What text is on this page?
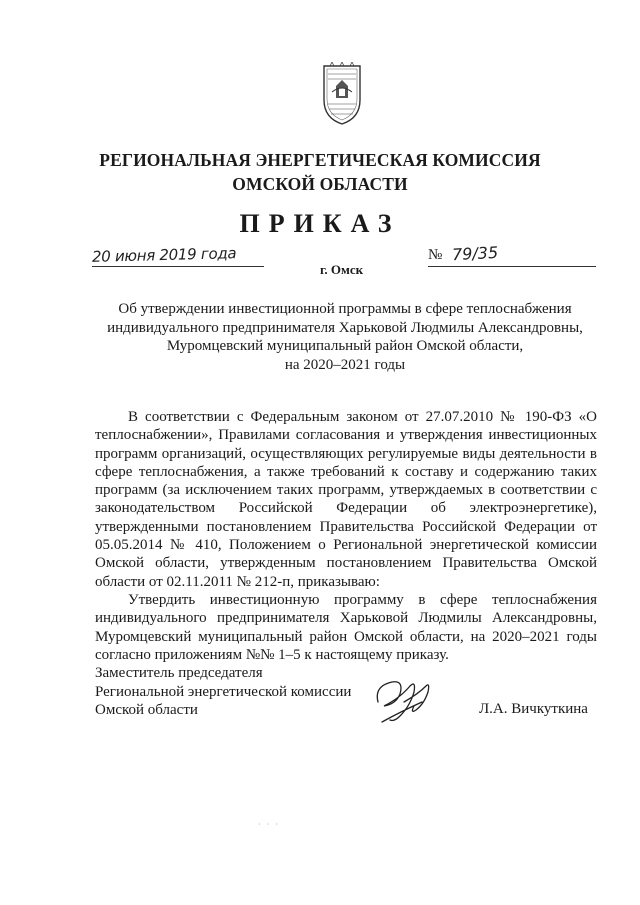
РЕГИОНАЛЬНАЯ ЭНЕРГЕТИЧЕСКАЯ КОМИССИЯ
ОМСКОЙ ОБЛАСТИ
ПРИКАЗ
20 июня 2019 года
г. Омск
№ 79/35
Об утверждении инвестиционной программы в сфере теплоснабжения
индивидуального предпринимателя Харьковой Людмилы Александровны,
Муромцевский муниципальный район Омской области,
на 2020–2021 годы

В соответствии с Федеральным законом от 27.07.2010 № 190-ФЗ «О теплоснабжении», Правилами согласования и утверждения инвестиционных программ организаций, осуществляющих регулируемые виды деятельности в сфере теплоснабжения, а также требований к составу и содержанию таких программ (за исключением таких программ, утверждаемых в соответствии с законодательством Российской Федерации об электроэнергетике), утвержденными постановлением Правительства Российской Федерации от 05.05.2014 № 410, Положением о Региональной энергетической комиссии Омской области, утвержденным постановлением Правительства Омской области от 02.11.2011 № 212-п, приказываю:

Утвердить инвестиционную программу в сфере теплоснабжения индивидуального предпринимателя Харьковой Людмилы Александровны, Муромцевский муниципальный район Омской области, на 2020–2021 годы согласно приложениям №№ 1–5 к настоящему приказу.

Заместитель председателя
Региональной энергетической комиссии
Омской области	Л.А. Вичкуткина
· · ·
